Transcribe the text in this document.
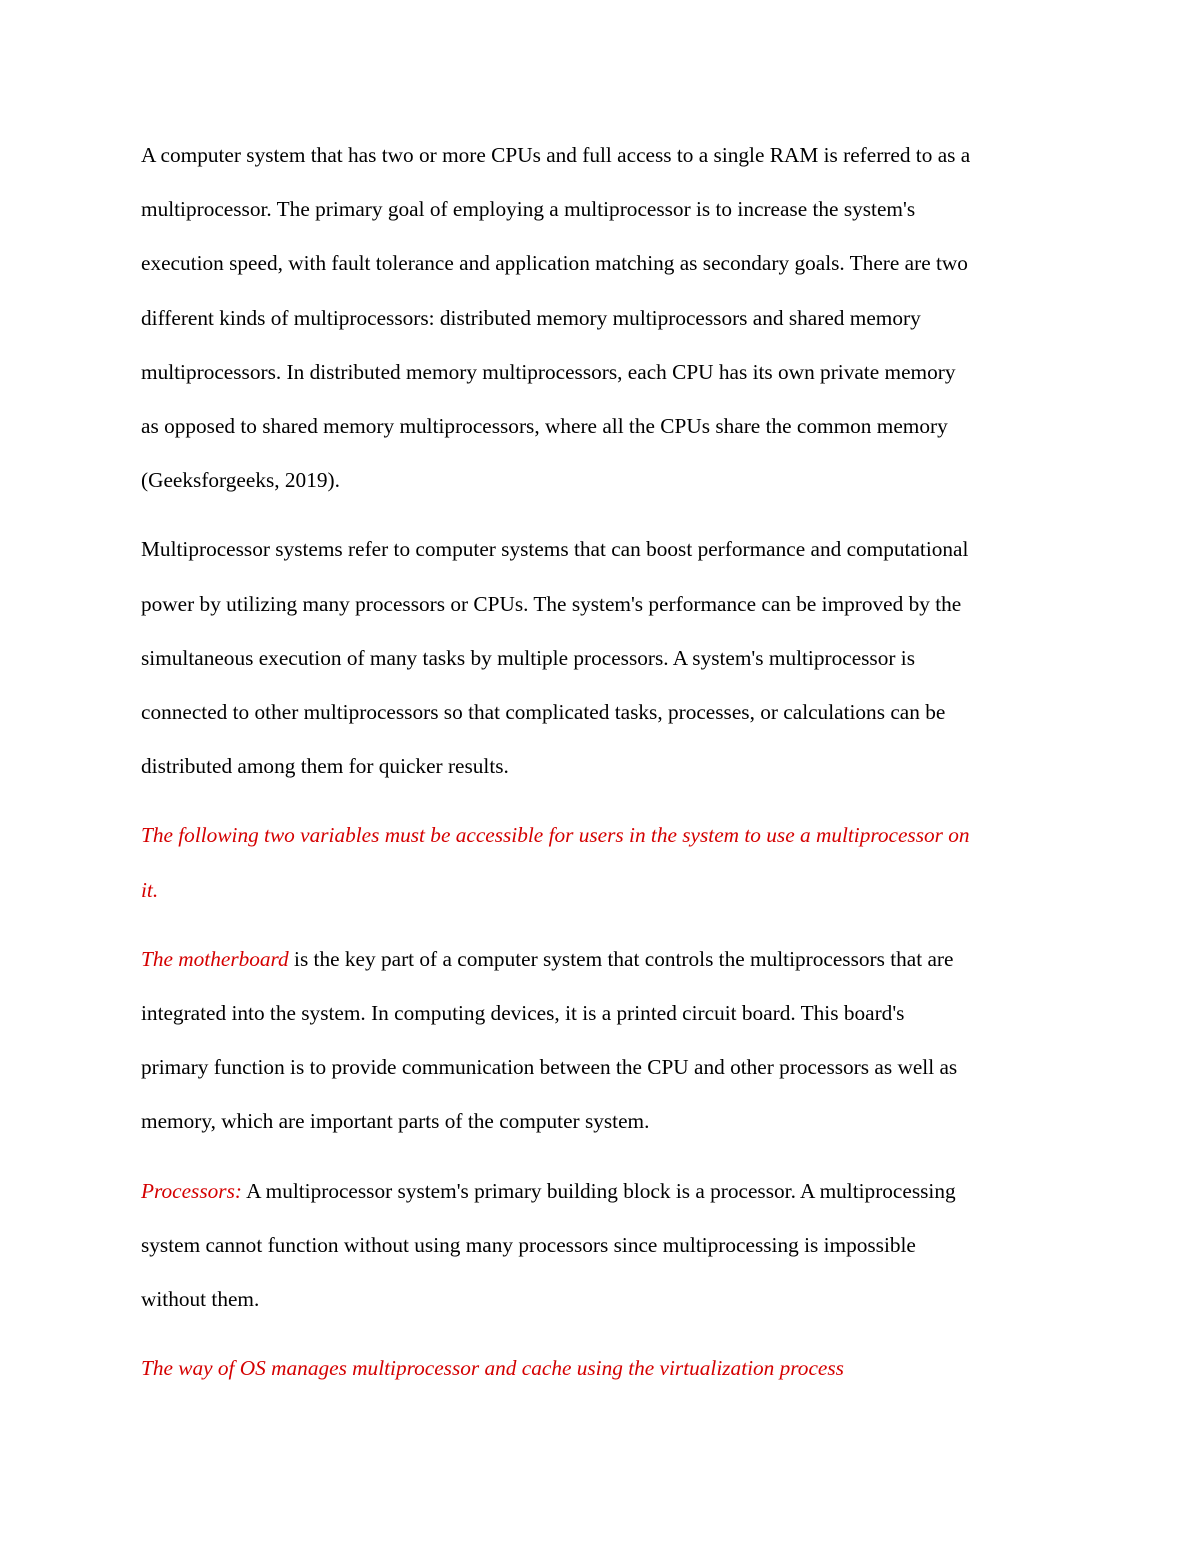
A computer system that has two or more CPUs and full access to a single RAM is referred to as a

multiprocessor. The primary goal of employing a multiprocessor is to increase the system's

execution speed, with fault tolerance and application matching as secondary goals. There are two

different kinds of multiprocessors: distributed memory multiprocessors and shared memory

multiprocessors. In distributed memory multiprocessors, each CPU has its own private memory

as opposed to shared memory multiprocessors, where all the CPUs share the common memory

(Geeksforgeeks, 2019).

Multiprocessor systems refer to computer systems that can boost performance and computational

power by utilizing many processors or CPUs. The system's performance can be improved by the

simultaneous execution of many tasks by multiple processors. A system's multiprocessor is

connected to other multiprocessors so that complicated tasks, processes, or calculations can be

distributed among them for quicker results.

The following two variables must be accessible for users in the system to use a multiprocessor on

it.

The motherboard is the key part of a computer system that controls the multiprocessors that are

integrated into the system. In computing devices, it is a printed circuit board. This board's

primary function is to provide communication between the CPU and other processors as well as

memory, which are important parts of the computer system.

Processors: A multiprocessor system's primary building block is a processor. A multiprocessing

system cannot function without using many processors since multiprocessing is impossible

without them.

The way of OS manages multiprocessor and cache using the virtualization process
